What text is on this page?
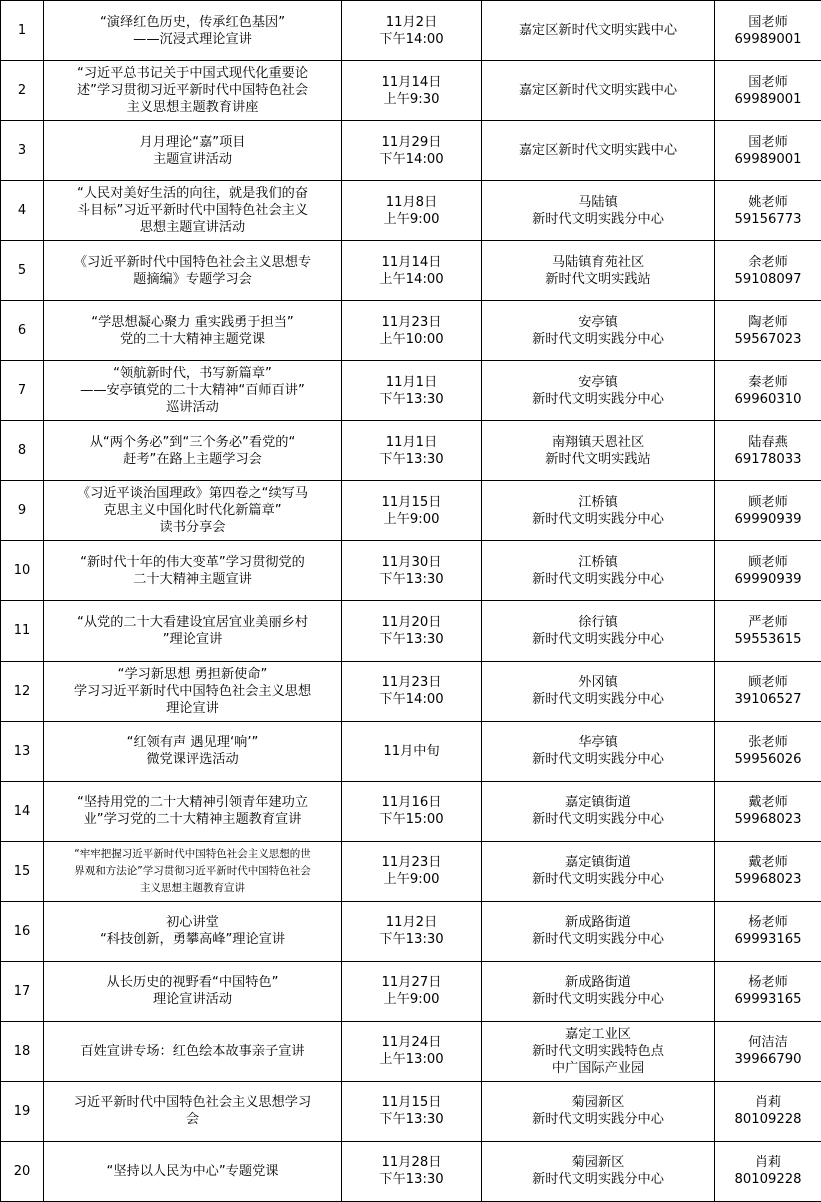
1	“演绎红色历史，传承红色基因”
——沉浸式理论宣讲	11月2日
下午14:00	嘉定区新时代文明实践中心	国老师
69989001

2	“习近平总书记关于中国式现代化重要论
述”学习贯彻习近平新时代中国特色社会
主义思想主题教育讲座	11月14日
上午9:30	嘉定区新时代文明实践中心	国老师
69989001

3	月月理论“嘉”项目
主题宣讲活动	11月29日
下午14:00	嘉定区新时代文明实践中心	国老师
69989001

4	“人民对美好生活的向往，就是我们的奋
斗目标”习近平新时代中国特色社会主义
思想主题宣讲活动	11月8日
上午9:00	马陆镇
新时代文明实践分中心	姚老师
59156773

5	《习近平新时代中国特色社会主义思想专
题摘编》专题学习会	11月14日
上午14:00	马陆镇育苑社区
新时代文明实践站	余老师
59108097

6	“学思想凝心聚力 重实践勇于担当”
党的二十大精神主题党课	11月23日
上午10:00	安亭镇
新时代文明实践分中心	陶老师
59567023

7	“领航新时代，书写新篇章”
——安亭镇党的二十大精神“百师百讲”
巡讲活动	11月1日
下午13:30	安亭镇
新时代文明实践分中心	秦老师
69960310

8	从“两个务必”到“三个务必”看党的“
赶考”在路上主题学习会	11月1日
下午13:30	南翔镇天恩社区
新时代文明实践站	陆春燕
69178033

9	《习近平谈治国理政》第四卷之“续写马
克思主义中国化时代化新篇章”
读书分享会	11月15日
上午9:00	江桥镇
新时代文明实践分中心	顾老师
69990939

10	“新时代十年的伟大变革”学习贯彻党的
二十大精神主题宣讲	11月30日
下午13:30	江桥镇
新时代文明实践分中心	顾老师
69990939

11	“从党的二十大看建设宜居宜业美丽乡村
”理论宣讲	11月20日
下午13:30	徐行镇
新时代文明实践分中心	严老师
59553615

12	“学习新思想 勇担新使命”
学习习近平新时代中国特色社会主义思想
理论宣讲	11月23日
下午14:00	外冈镇
新时代文明实践分中心	顾老师
39106527

13	“红领有声 遇见理‘响’”
微党课评选活动	11月中旬	华亭镇
新时代文明实践分中心	张老师
59956026

14	“坚持用党的二十大精神引领青年建功立
业”学习党的二十大精神主题教育宣讲	11月16日
下午15:00	嘉定镇街道
新时代文明实践分中心	戴老师
59968023

15	“牢牢把握习近平新时代中国特色社会主义思想的世
界观和方法论”学习贯彻习近平新时代中国特色社会
主义思想主题教育宣讲	11月23日
上午9:00	嘉定镇街道
新时代文明实践分中心	戴老师
59968023

16	初心讲堂
“科技创新，勇攀高峰”理论宣讲	11月2日
下午13:30	新成路街道
新时代文明实践分中心	杨老师
69993165

17	从长历史的视野看“中国特色”
理论宣讲活动	11月27日
上午9:00	新成路街道
新时代文明实践分中心	杨老师
69993165

18	百姓宣讲专场：红色绘本故事亲子宣讲	11月24日
上午13:00	嘉定工业区
新时代文明实践特色点
中广国际产业园	何洁洁
39966790

19	习近平新时代中国特色社会主义思想学习
会	11月15日
下午13:30	菊园新区
新时代文明实践分中心	肖莉
80109228

20	“坚持以人民为中心”专题党课	11月28日
下午13:30	菊园新区
新时代文明实践分中心	肖莉
80109228
